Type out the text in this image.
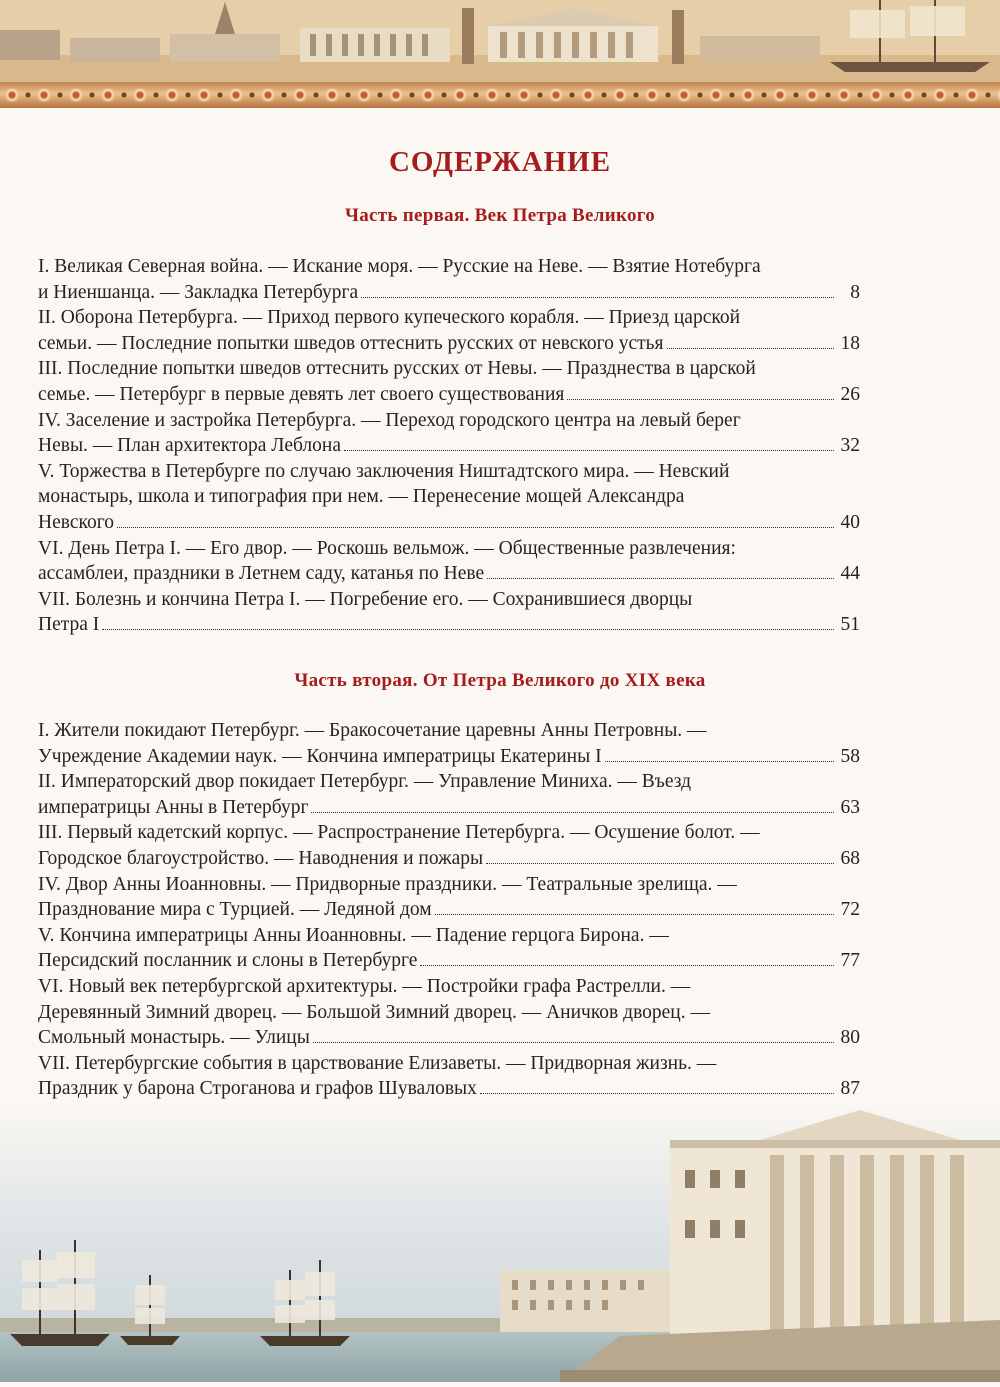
СОДЕРЖАНИЕ
Часть первая. Век Петра Великого
I. Великая Северная война. — Искание моря. — Русские на Неве. — Взятие Нотебурга
и Ниеншанца. — Закладка Петербурга	8
II. Оборона Петербурга. — Приход первого купеческого корабля. — Приезд царской
семьи. — Последние попытки шведов оттеснить русских от невского устья	18
III. Последние попытки шведов оттеснить русских от Невы. — Празднества в царской
семье. — Петербург в первые девять лет своего существования	26
IV. Заселение и застройка Петербурга. — Переход городского центра на левый берег
Невы. — План архитектора Леблона	32
V. Торжества в Петербурге по случаю заключения Ништадтского мира. — Невский
монастырь, школа и типография при нем. — Перенесение мощей Александра
Невского	40
VI. День Петра I. — Его двор. — Роскошь вельмож. — Общественные развлечения:
ассамблеи, праздники в Летнем саду, катанья по Неве	44
VII. Болезнь и кончина Петра I. — Погребение его. — Сохранившиеся дворцы
Петра I	51
Часть вторая. От Петра Великого до XIX века
I. Жители покидают Петербург. — Бракосочетание царевны Анны Петровны. —
Учреждение Академии наук. — Кончина императрицы Екатерины I	58
II. Императорский двор покидает Петербург. — Управление Миниха. — Въезд
императрицы Анны в Петербург	63
III. Первый кадетский корпус. — Распространение Петербурга. — Осушение болот. —
Городское благоустройство. — Наводнения и пожары	68
IV. Двор Анны Иоанновны. — Придворные праздники. — Театральные зрелища. —
Празднование мира с Турцией. — Ледяной дом	72
V. Кончина императрицы Анны Иоанновны. — Падение герцога Бирона. —
Персидский посланник и слоны в Петербурге	77
VI. Новый век петербургской архитектуры. — Постройки графа Растрелли. —
Деревянный Зимний дворец. — Большой Зимний дворец. — Аничков дворец. —
Смольный монастырь. — Улицы	80
VII. Петербургские события в царствование Елизаветы. — Придворная жизнь. —
Праздник у барона Строганова и графов Шуваловых	87
